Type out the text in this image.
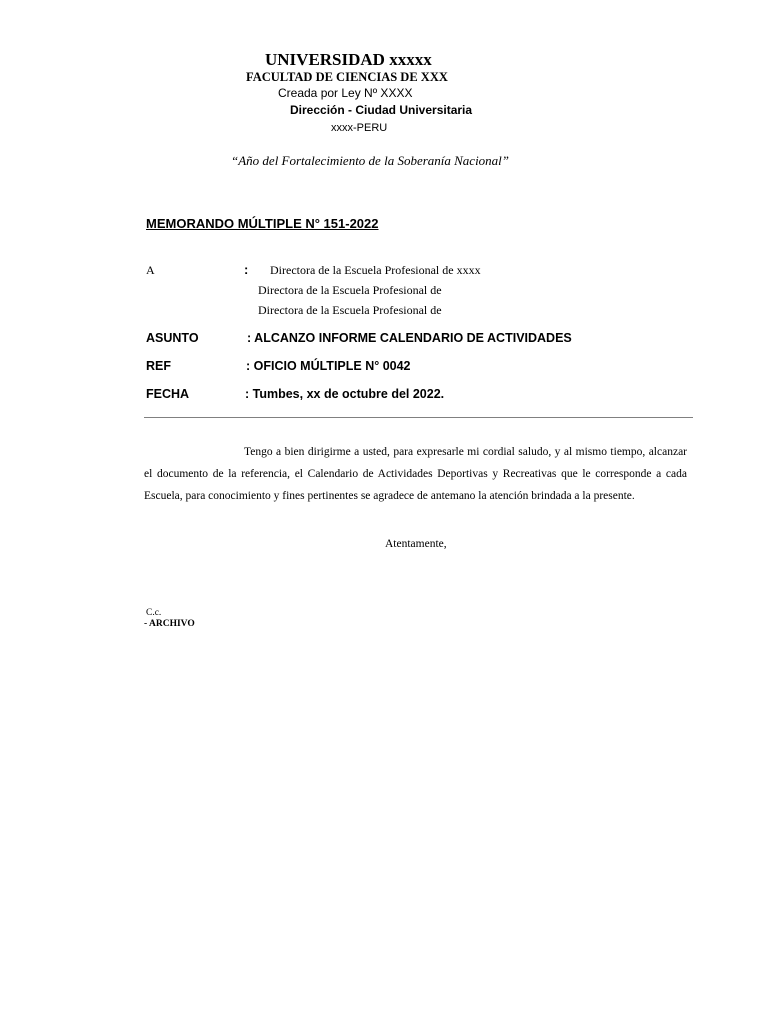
UNIVERSIDAD xxxxx
FACULTAD DE CIENCIAS DE XXX
Creada por Ley Nº XXXX
Dirección - Ciudad Universitaria
xxxx-PERU
“Año del Fortalecimiento de la Soberanía Nacional”
MEMORANDO MÚLTIPLE N° 151-2022
A	: Directora de la Escuela Profesional de xxxx
Directora de la Escuela Profesional de
Directora de la Escuela Profesional de
ASUNTO	: ALCANZO INFORME CALENDARIO DE ACTIVIDADES
REF	: OFICIO MÚLTIPLE N° 0042
FECHA	: Tumbes, xx de octubre del 2022.

Tengo a bien dirigirme a usted, para expresarle mi cordial saludo, y al mismo tiempo, alcanzar el documento de la referencia, el Calendario de Actividades Deportivas y Recreativas que le corresponde a cada Escuela, para conocimiento y fines pertinentes se agradece de antemano la atención brindada a la presente.

Atentamente,
C.c.
- ARCHIVO
